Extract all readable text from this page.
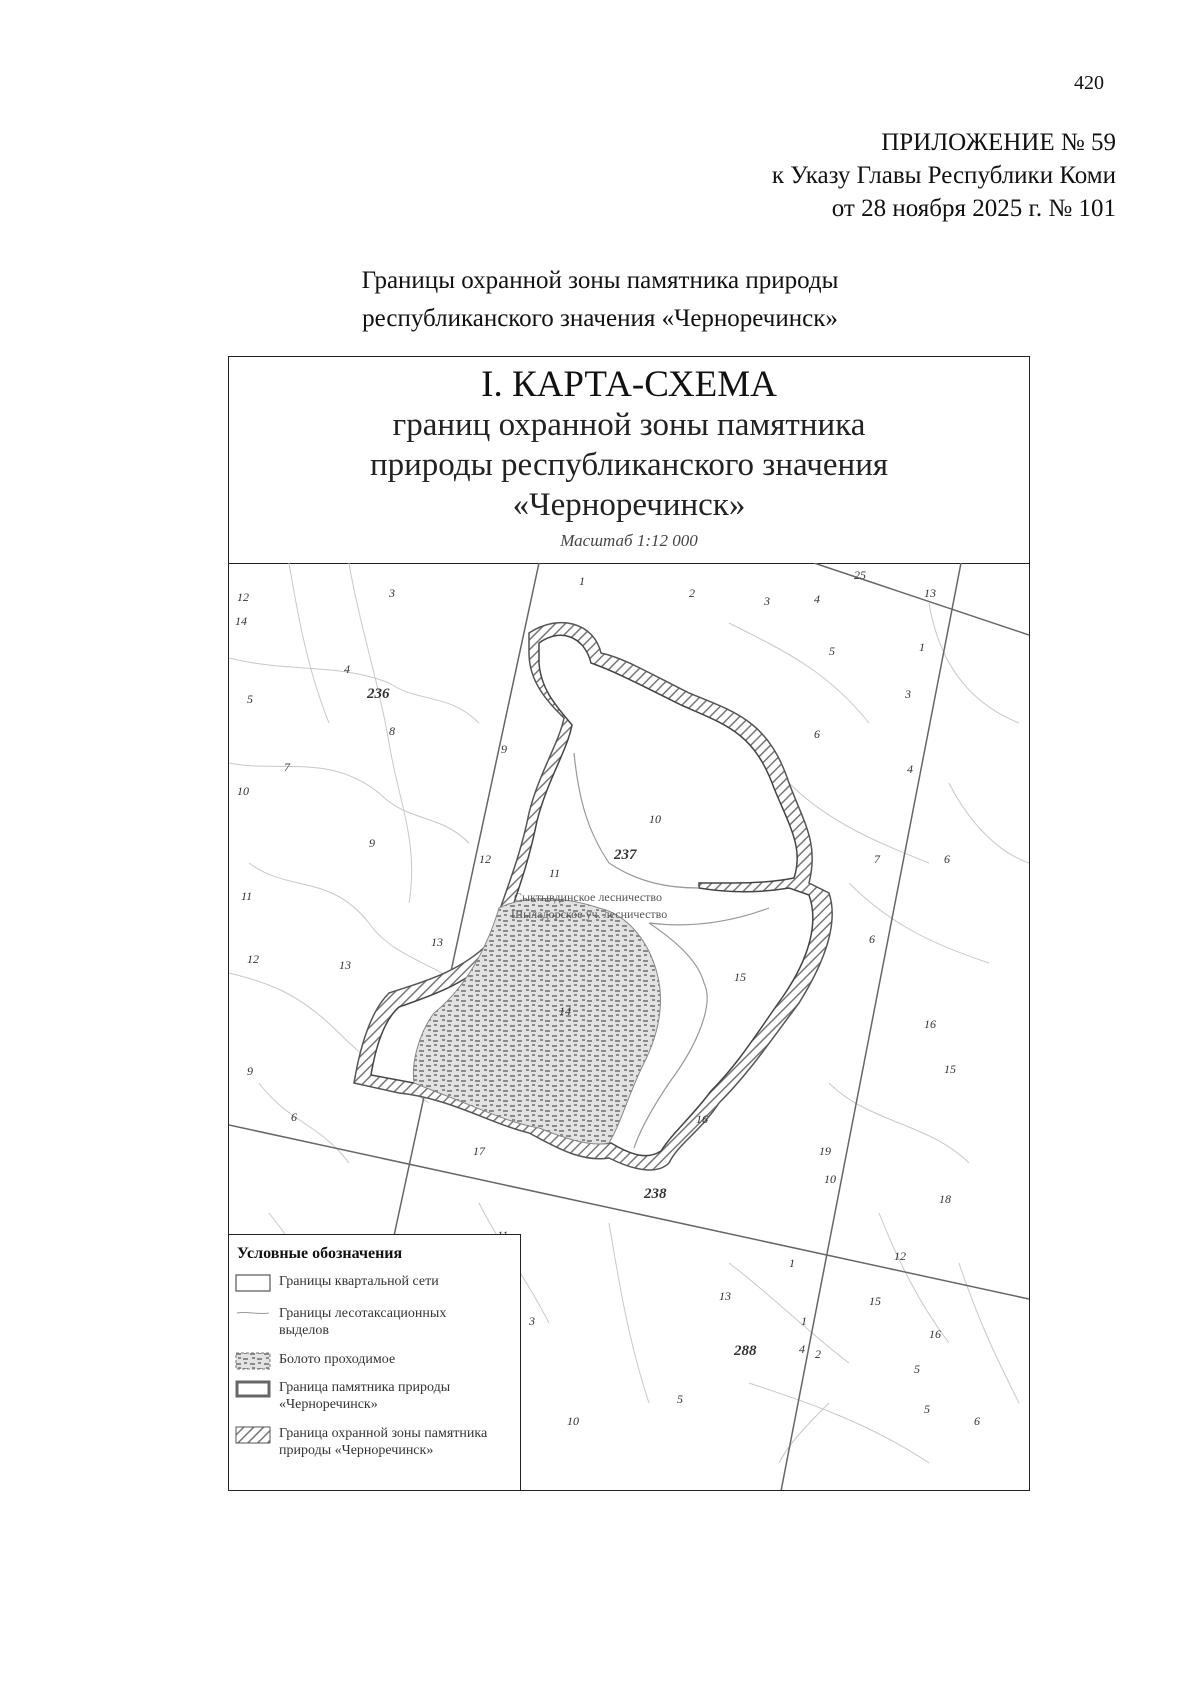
420
ПРИЛОЖЕНИЕ № 59
к Указу Главы Республики Коми
от 28 ноября 2025 г. № 101
Границы охранной зоны памятника природы
республиканского значения «Черноречинск»
I. КАРТА-СХЕМА
границ охранной зоны памятника
природы республиканского значения
«Черноречинск»
Масштаб 1:12 000
Сыктывдинское лесничество
Шыладорское уч. лесничество
12
14
3
1
2
3	4
25
13
5	1
4
236	3
5
8	6
9
7
10
4
9
10
237	7	6
12
11
11
13
6
12
13
15
14
16
9	15
6	16
17	19
10
238	18
1	12
15
13
1
3
4
16
288	2
5
5
5
10	6
Условные обозначения
Границы квартальной сети
Границы лесотаксационных выделов
Болото проходимое
Граница памятника природы «Черноречинск»
Граница охранной зоны памятника природы «Черноречинск»
